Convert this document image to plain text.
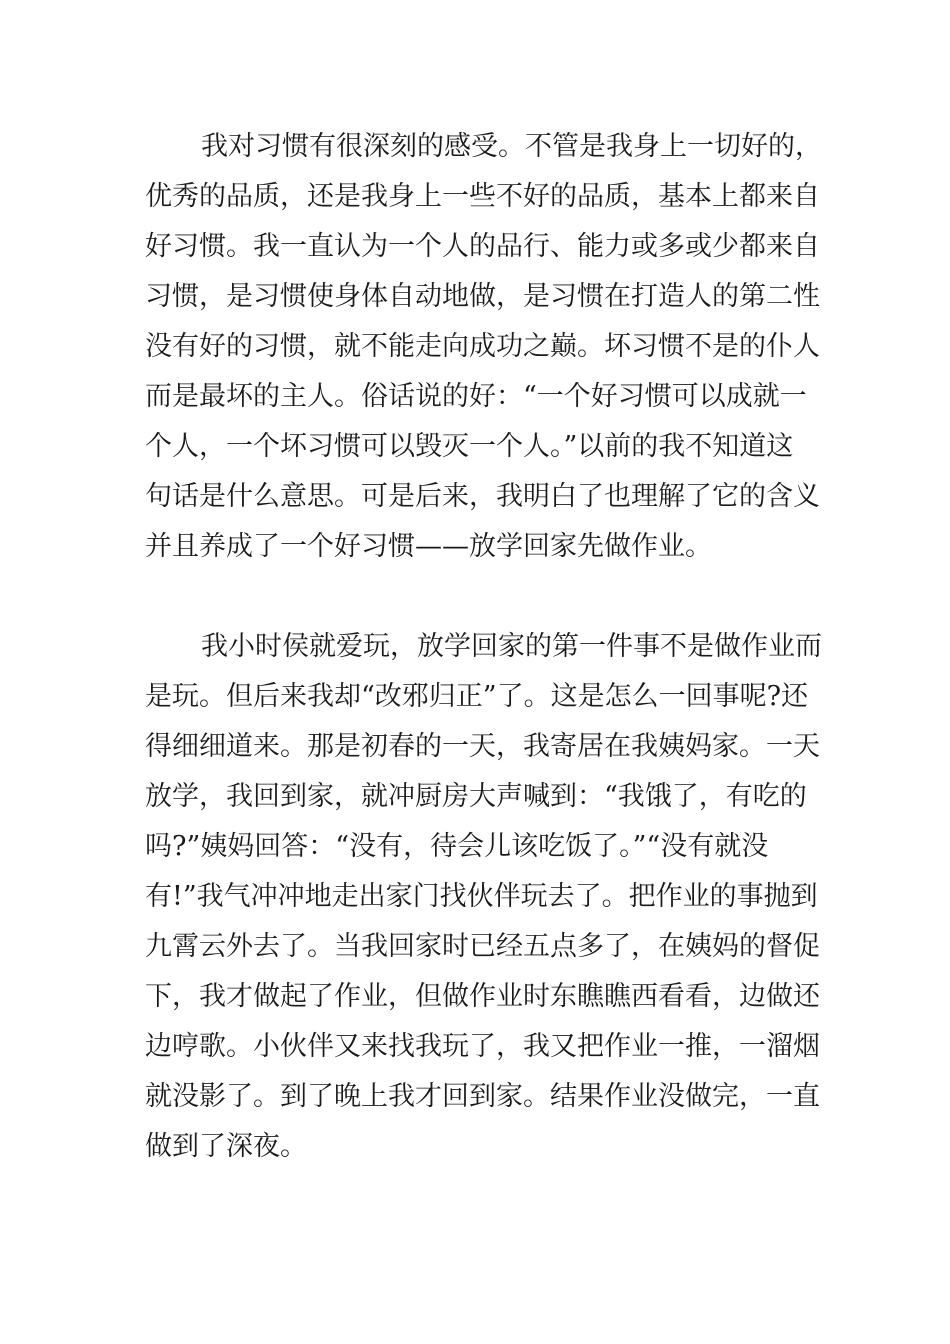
我对习惯有很深刻的感受。不管是我身上一切好的，
优秀的品质，还是我身上一些不好的品质，基本上都来自
好习惯。我一直认为一个人的品行、能力或多或少都来自
习惯，是习惯使身体自动地做，是习惯在打造人的第二性
没有好的习惯，就不能走向成功之巅。坏习惯不是的仆人
而是最坏的主人。俗话说的好：“一个好习惯可以成就一
个人，一个坏习惯可以毁灭一个人。”以前的我不知道这
句话是什么意思。可是后来，我明白了也理解了它的含义
并且养成了一个好习惯——放学回家先做作业。

我小时侯就爱玩，放学回家的第一件事不是做作业而
是玩。但后来我却“改邪归正”了。这是怎么一回事呢?还
得细细道来。那是初春的一天，我寄居在我姨妈家。一天
放学，我回到家，就冲厨房大声喊到：“我饿了，有吃的
吗?”姨妈回答：“没有，待会儿该吃饭了。”“没有就没
有!”我气冲冲地走出家门找伙伴玩去了。把作业的事抛到
九霄云外去了。当我回家时已经五点多了，在姨妈的督促
下，我才做起了作业，但做作业时东瞧瞧西看看，边做还
边哼歌。小伙伴又来找我玩了，我又把作业一推，一溜烟
就没影了。到了晚上我才回到家。结果作业没做完，一直
做到了深夜。
